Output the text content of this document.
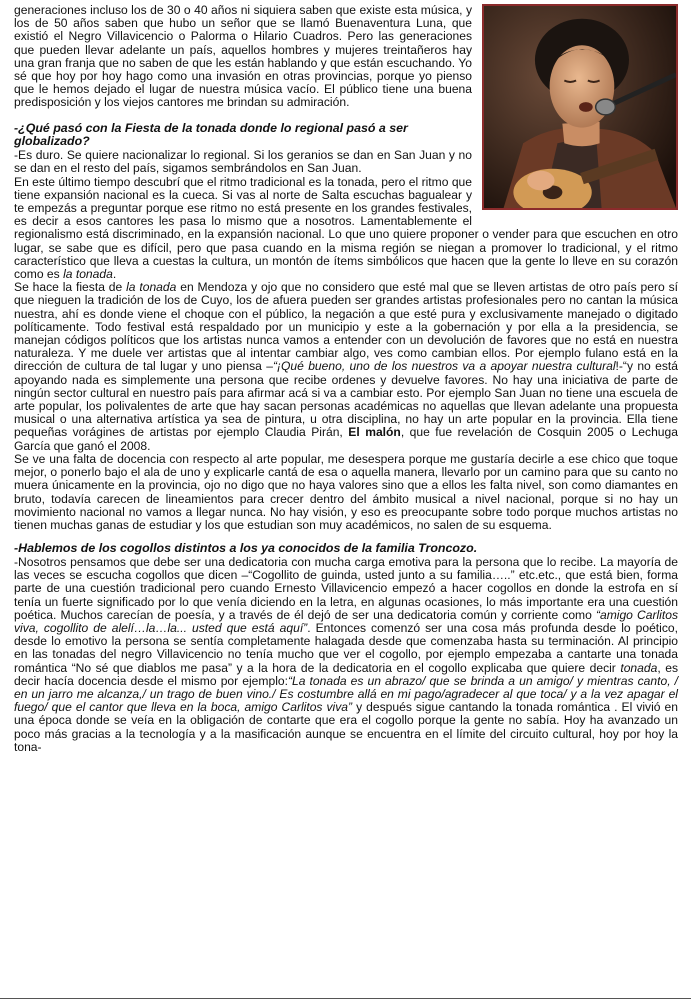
generaciones incluso los de 30 o 40 años ni siquiera saben que existe esta música, y los de 50 años saben que hubo un señor que se llamó Buenaventura Luna, que existió el Negro Villavicencio o Palorma o Hilario Cuadros. Pero las generaciones que pueden llevar adelante un país, aquellos hombres y mujeres treintañeros hay una gran franja que no saben de que les están hablando y que están escuchando. Yo sé que hoy por hoy hago como una invasión en otras provincias, porque yo pienso que le hemos dejado el lugar de nuestra música vacío. El público tiene una buena predisposición y los viejos cantores me brindan su admiración.

-¿Qué pasó con la Fiesta de la tonada donde lo regional pasó a ser globalizado?

-Es duro. Se quiere nacionalizar lo regional. Si los geranios se dan en San Juan y no se dan en el resto del país, sigamos sembrándolos en San Juan.

En este último tiempo descubrí que el ritmo tradicional es la tonada, pero el ritmo que tiene expansión nacional es la cueca. Si vas al norte de Salta escuchas bagualear y te empezás a preguntar porque ese ritmo no está presente en los grandes festivales, es decir a esos cantores les pasa lo mismo que a nosotros. Lamentablemente el regionalismo está discriminado, en la expansión nacional. Lo que uno quiere proponer o vender para que escuchen en otro lugar, se sabe que es difícil, pero que pasa cuando en la misma región se niegan a promover lo tradicional, y el ritmo característico que lleva a cuestas la cultura, un montón de ítems simbólicos que hacen que la gente lo lleve en su corazón como es la tonada.

Se hace la fiesta de la tonada en Mendoza y ojo que no considero que esté mal que se lleven artistas de otro país pero sí que nieguen la tradición de los de Cuyo, los de afuera pueden ser grandes artistas profesionales pero no cantan la música nuestra, ahí es donde viene el choque con el público, la negación a que esté pura y exclusivamente manejado o digitado políticamente. Todo festival está respaldado por un municipio y este a la gobernación y por ella a la presidencia, se manejan códigos políticos que los artistas nunca vamos a entender con un devolución de favores que no está en nuestra naturaleza. Y me duele ver artistas que al intentar cambiar algo, ves como cambian ellos. Por ejemplo fulano está en la dirección de cultura de tal lugar y uno piensa –“¡Qué bueno, uno de los nuestros va a apoyar nuestra cultural!-“y no está apoyando nada es simplemente una persona que recibe ordenes y devuelve favores. No hay una iniciativa de parte de ningún sector cultural en nuestro país para afirmar acá si va a cambiar esto. Por ejemplo San Juan no tiene una escuela de arte popular, los polivalentes de arte que hay sacan personas académicas no aquellas que llevan adelante una propuesta musical o una alternativa artística ya sea de pintura, u otra disciplina, no hay un arte popular en la provincia. Ella tiene pequeñas vorágines de artistas por ejemplo Claudia Pirán, El malón, que fue revelación de Cosquin 2005 o Lechuga García que ganó el 2008.

Se ve una falta de docencia con respecto al arte popular, me desespera porque me gustaría decirle a ese chico que toque mejor, o ponerlo bajo el ala de uno y explicarle cantá de esa o aquella manera, llevarlo por un camino para que su canto no muera únicamente en la provincia, ojo no digo que no haya valores sino que a ellos les falta nivel, son como diamantes en bruto, todavía carecen de lineamientos para crecer dentro del ámbito musical a nivel nacional, porque si no hay un movimiento nacional no vamos a llegar nunca. No hay visión, y eso es preocupante sobre todo porque muchos artistas no tienen muchas ganas de estudiar y los que estudian son muy académicos, no salen de su esquema.

-Hablemos de los cogollos distintos a los ya conocidos de la familia Troncozo.

-Nosotros pensamos que debe ser una dedicatoria con mucha carga emotiva para la persona que lo recibe. La mayoría de las veces se escucha cogollos que dicen –“Cogollito de guinda, usted junto a su familia…..” etc.etc., que está bien, forma parte de una cuestión tradicional pero cuando Ernesto Villavicencio empezó a hacer cogollos en donde la estrofa en sí tenía un fuerte significado por lo que venía diciendo en la letra, en algunas ocasiones, lo más importante era una cuestión poética. Muchos carecían de poesía, y a través de él dejó de ser una dedicatoria común y corriente como “amigo Carlitos viva, cogollito de alelí…la…la... usted que está aquí”. Entonces comenzó ser una cosa más profunda desde lo poético, desde lo emotivo la persona se sentía completamente halagada desde que comenzaba hasta su terminación. Al principio en las tonadas del negro Villavicencio no tenía mucho que ver el cogollo, por ejemplo empezaba a cantarte una tonada romántica “No sé que diablos me pasa” y a la hora de la dedicatoria en el cogollo explicaba que quiere decir tonada, es decir hacía docencia desde el mismo por ejemplo:“La tonada es un abrazo/ que se brinda a un amigo/ y mientras canto, / en un jarro me alcanza,/ un trago de buen vino./ Es costumbre allá en mi pago/agradecer al que toca/ y a la vez apagar el fuego/ que el cantor que lleva en la boca, amigo Carlitos viva” y después sigue cantando la tonada romántica . El vivió en una época donde se veía en la obligación de contarte que era el cogollo porque la gente no sabía. Hoy ha avanzado un poco más gracias a la tecnología y a la masificación aunque se encuentra en el límite del circuito cultural, hoy por hoy la tona-
